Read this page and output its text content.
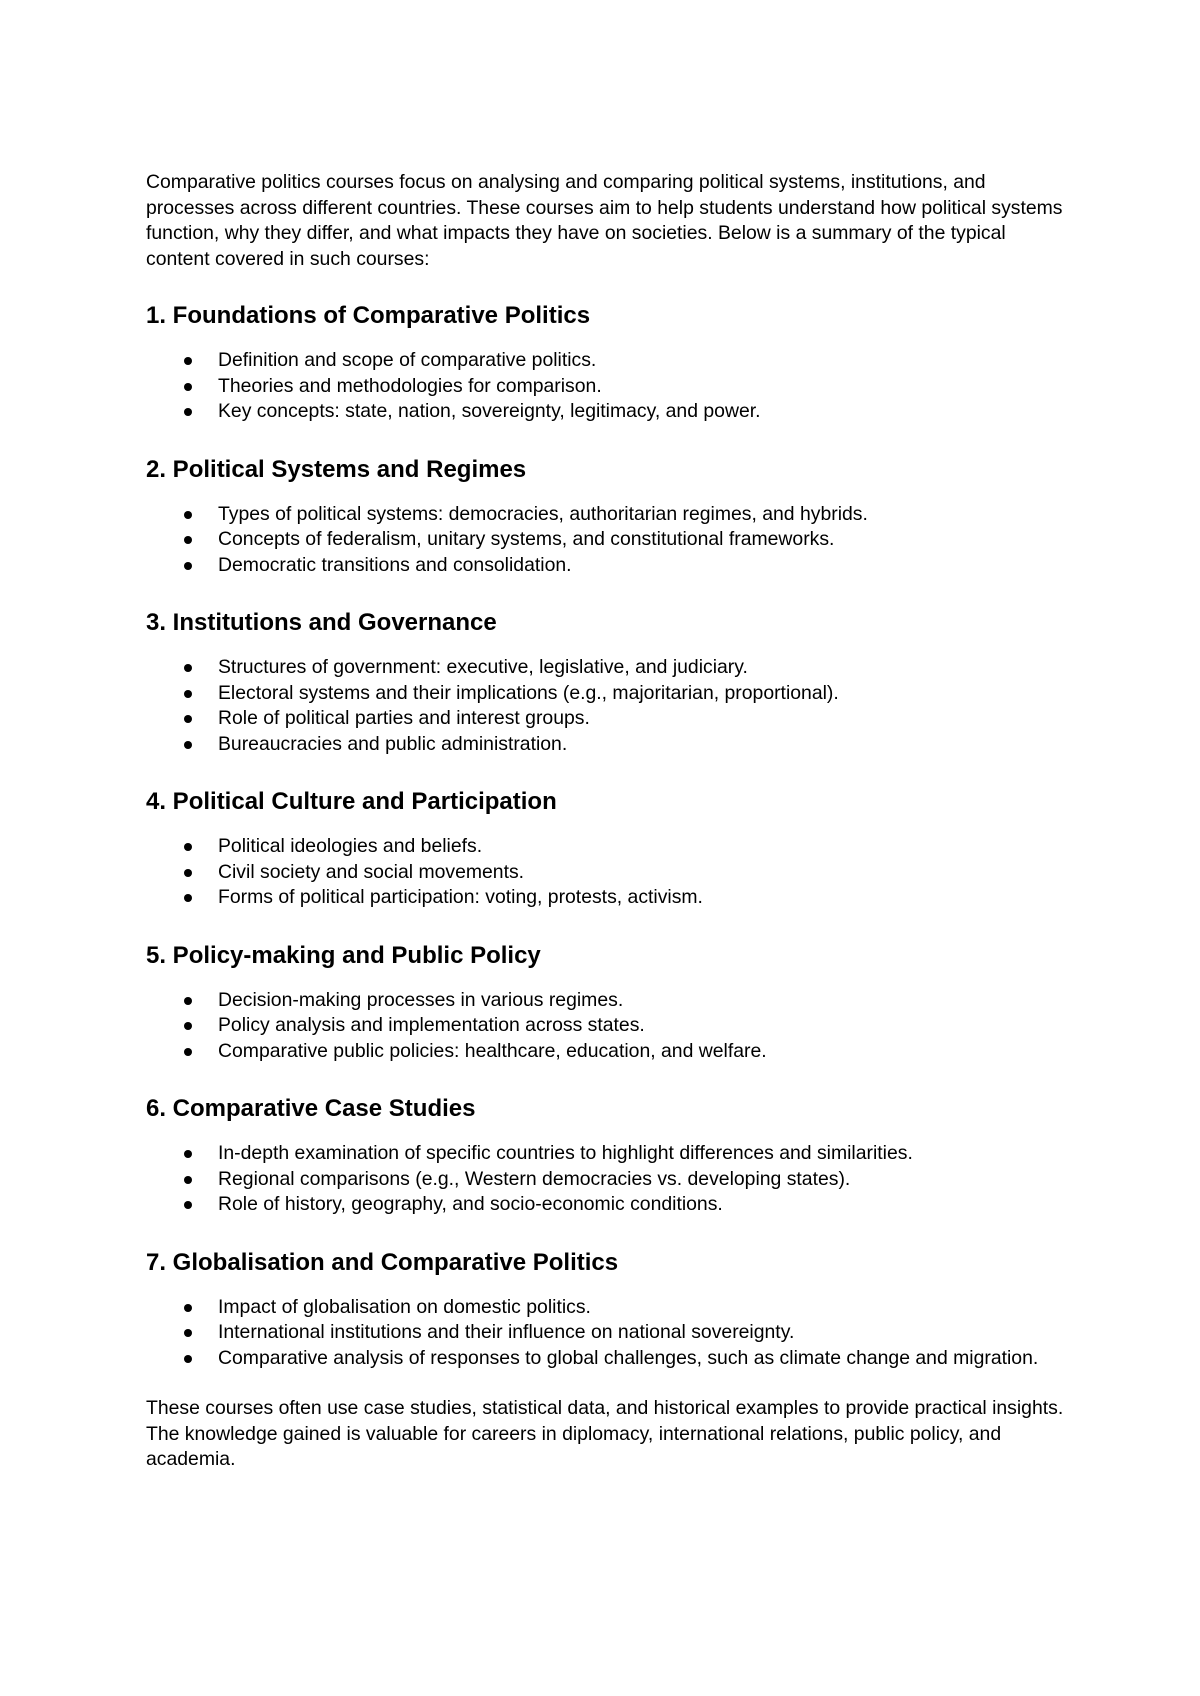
Comparative politics courses focus on analysing and comparing political systems, institutions, and processes across different countries. These courses aim to help students understand how political systems function, why they differ, and what impacts they have on societies. Below is a summary of the typical content covered in such courses:

1. Foundations of Comparative Politics
Definition and scope of comparative politics.
Theories and methodologies for comparison.
Key concepts: state, nation, sovereignty, legitimacy, and power.
2. Political Systems and Regimes
Types of political systems: democracies, authoritarian regimes, and hybrids.
Concepts of federalism, unitary systems, and constitutional frameworks.
Democratic transitions and consolidation.
3. Institutions and Governance
Structures of government: executive, legislative, and judiciary.
Electoral systems and their implications (e.g., majoritarian, proportional).
Role of political parties and interest groups.
Bureaucracies and public administration.
4. Political Culture and Participation
Political ideologies and beliefs.
Civil society and social movements.
Forms of political participation: voting, protests, activism.
5. Policy-making and Public Policy
Decision-making processes in various regimes.
Policy analysis and implementation across states.
Comparative public policies: healthcare, education, and welfare.
6. Comparative Case Studies
In-depth examination of specific countries to highlight differences and similarities.
Regional comparisons (e.g., Western democracies vs. developing states).
Role of history, geography, and socio-economic conditions.
7. Globalisation and Comparative Politics
Impact of globalisation on domestic politics.
International institutions and their influence on national sovereignty.
Comparative analysis of responses to global challenges, such as climate change and migration.

These courses often use case studies, statistical data, and historical examples to provide practical insights. The knowledge gained is valuable for careers in diplomacy, international relations, public policy, and academia.
